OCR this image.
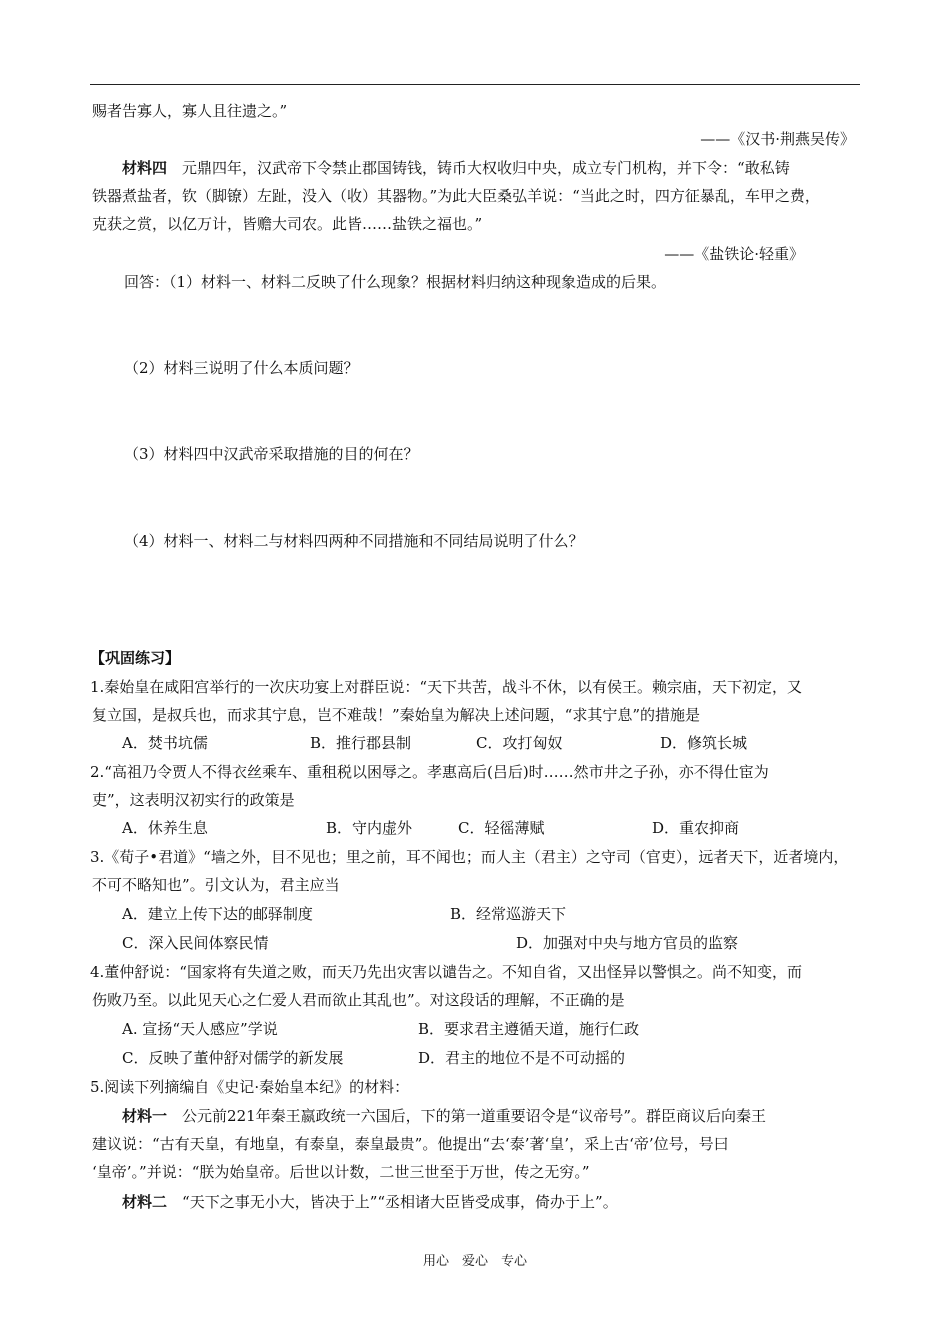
赐者告寡人，寡人且往遗之。”
——《汉书·荆燕吴传》
材料四　 元鼎四年，汉武帝下令禁止郡国铸钱，铸币大权收归中央，成立专门机构，并下令：“敢私铸
铁器煮盐者，钦（脚镣）左趾，没入（收）其器物。”为此大臣桑弘羊说：“当此之时，四方征暴乱，车甲之费，
克获之赏，以亿万计，皆赡大司农。此皆……盐铁之福也。”
——《盐铁论·轻重》
回答：（1）材料一、材料二反映了什么现象？根据材料归纳这种现象造成的后果。
（2）材料三说明了什么本质问题？
（3）材料四中汉武帝采取措施的目的何在？
（4）材料一、材料二与材料四两种不同措施和不同结局说明了什么？
【巩固练习】
1.秦始皇在咸阳宫举行的一次庆功宴上对群臣说：“天下共苦，战斗不休，以有侯王。赖宗庙，天下初定，又
复立国，是叔兵也，而求其宁息，岂不难哉！”秦始皇为解决上述问题，“求其宁息”的措施是
A．焚书坑儒	B．推行郡县制	C．攻打匈奴	D．修筑长城
2.“高祖乃令贾人不得衣丝乘车、重租税以困辱之。孝惠高后(吕后)时……然市井之子孙，亦不得仕宦为
吏”，这表明汉初实行的政策是
A．休养生息	B．守内虚外	C．轻徭薄赋	D．重农抑商
3.《荀子•君道》“墙之外，目不见也；里之前，耳不闻也；而人主（君主）之守司（官吏），远者天下，近者境内，
不可不略知也”。引文认为，君主应当
A．建立上传下达的邮驿制度	B．经常巡游天下
C．深入民间体察民情	D．加强对中央与地方官员的监察
4.董仲舒说：“国家将有失道之败，而天乃先出灾害以谴告之。不知自省，又出怪异以警惧之。尚不知变，而
伤败乃至。以此见天心之仁爱人君而欲止其乱也”。对这段话的理解，不正确的是
A. 宣扬“天人感应”学说	B．要求君主遵循天道，施行仁政
C．反映了董仲舒对儒学的新发展	D．君主的地位不是不可动摇的
5.阅读下列摘编自《史记·秦始皇本纪》的材料：
材料一　 公元前221年秦王嬴政统一六国后，下的第一道重要诏令是“议帝号”。群臣商议后向秦王
建议说：“古有天皇，有地皇，有泰皇，泰皇最贵”。他提出“去‘泰’著‘皇’，采上古‘帝’位号，号曰
‘皇帝’。”并说：“朕为始皇帝。后世以计数，二世三世至于万世，传之无穷。”
材料二　 “天下之事无小大，皆决于上”“丞相诸大臣皆受成事，倚办于上”。
用心　爱心　专心
